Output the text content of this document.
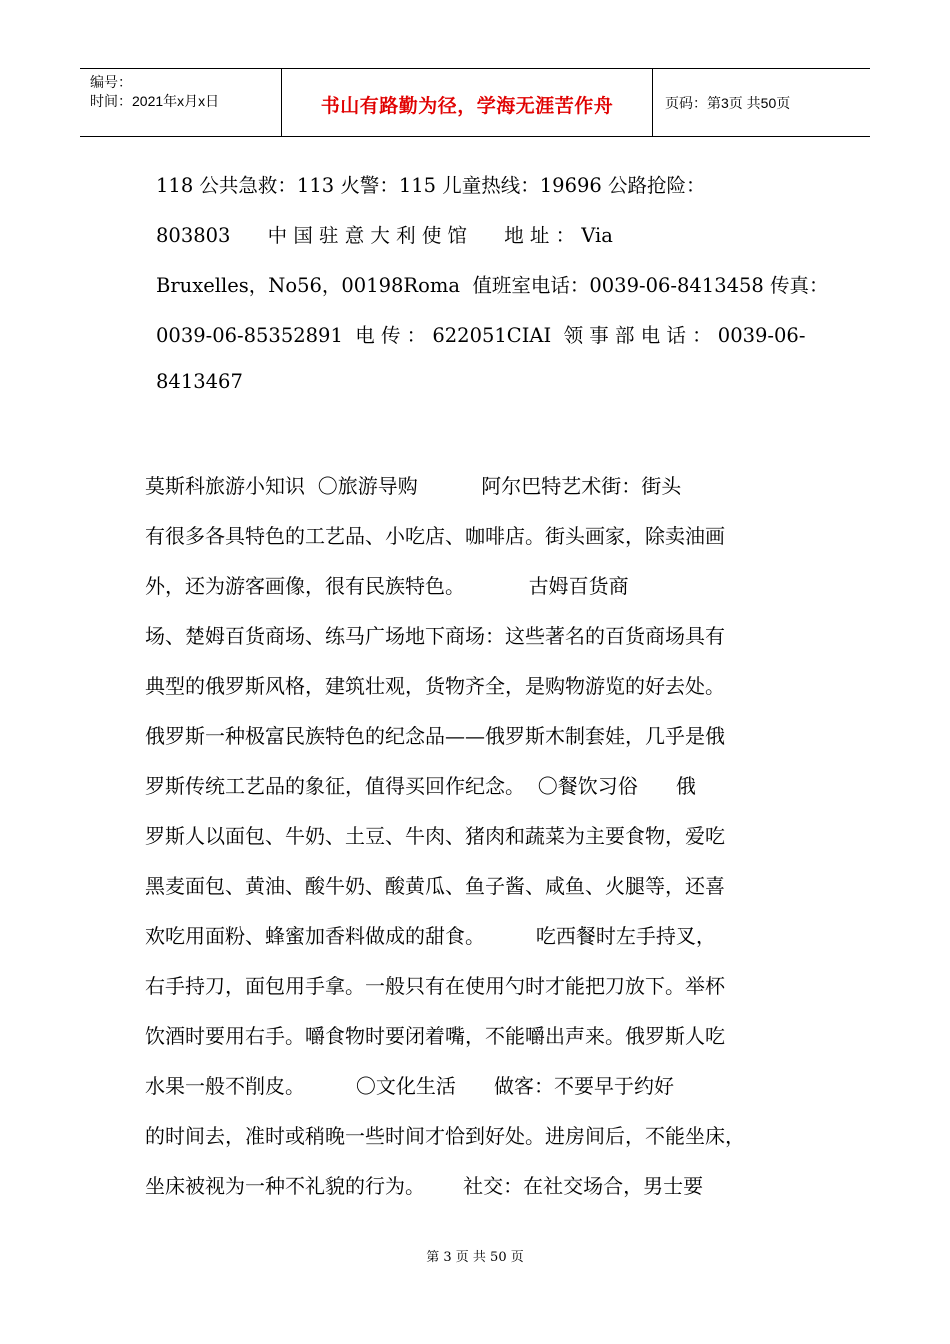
编号：
时间：2021年x月x日	书山有路勤为径，学海无涯苦作舟	页码：第3页 共50页
118 公共急救：113 火警：115 儿童热线：19696 公路抢险：
803803      中 国 驻 意 大 利 使 馆      地 址 ： Via
Bruxelles，No56，00198Roma  值班室电话：0039-06-8413458 传真：
0039-06-85352891  电 传 ： 622051CIAI  领 事 部 电 话 ： 0039-06-
8413467
莫斯科旅游小知识  〇旅游导购          阿尔巴特艺术街：街头
有很多各具特色的工艺品、小吃店、咖啡店。街头画家，除卖油画
外，还为游客画像，很有民族特色。          古姆百货商
场、楚姆百货商场、练马广场地下商场：这些著名的百货商场具有
典型的俄罗斯风格，建筑壮观，货物齐全，是购物游览的好去处。
俄罗斯一种极富民族特色的纪念品——俄罗斯木制套娃，几乎是俄
罗斯传统工艺品的象征，值得买回作纪念。  〇餐饮习俗      俄
罗斯人以面包、牛奶、土豆、牛肉、猪肉和蔬菜为主要食物，爱吃
黑麦面包、黄油、酸牛奶、酸黄瓜、鱼子酱、咸鱼、火腿等，还喜
欢吃用面粉、蜂蜜加香料做成的甜食。        吃西餐时左手持叉，
右手持刀，面包用手拿。一般只有在使用勺时才能把刀放下。举杯
饮酒时要用右手。嚼食物时要闭着嘴，不能嚼出声来。俄罗斯人吃
水果一般不削皮。        〇文化生活      做客：不要早于约好
的时间去，准时或稍晚一些时间才恰到好处。进房间后，不能坐床，
坐床被视为一种不礼貌的行为。      社交：在社交场合，男士要
第 3 页 共 50 页
